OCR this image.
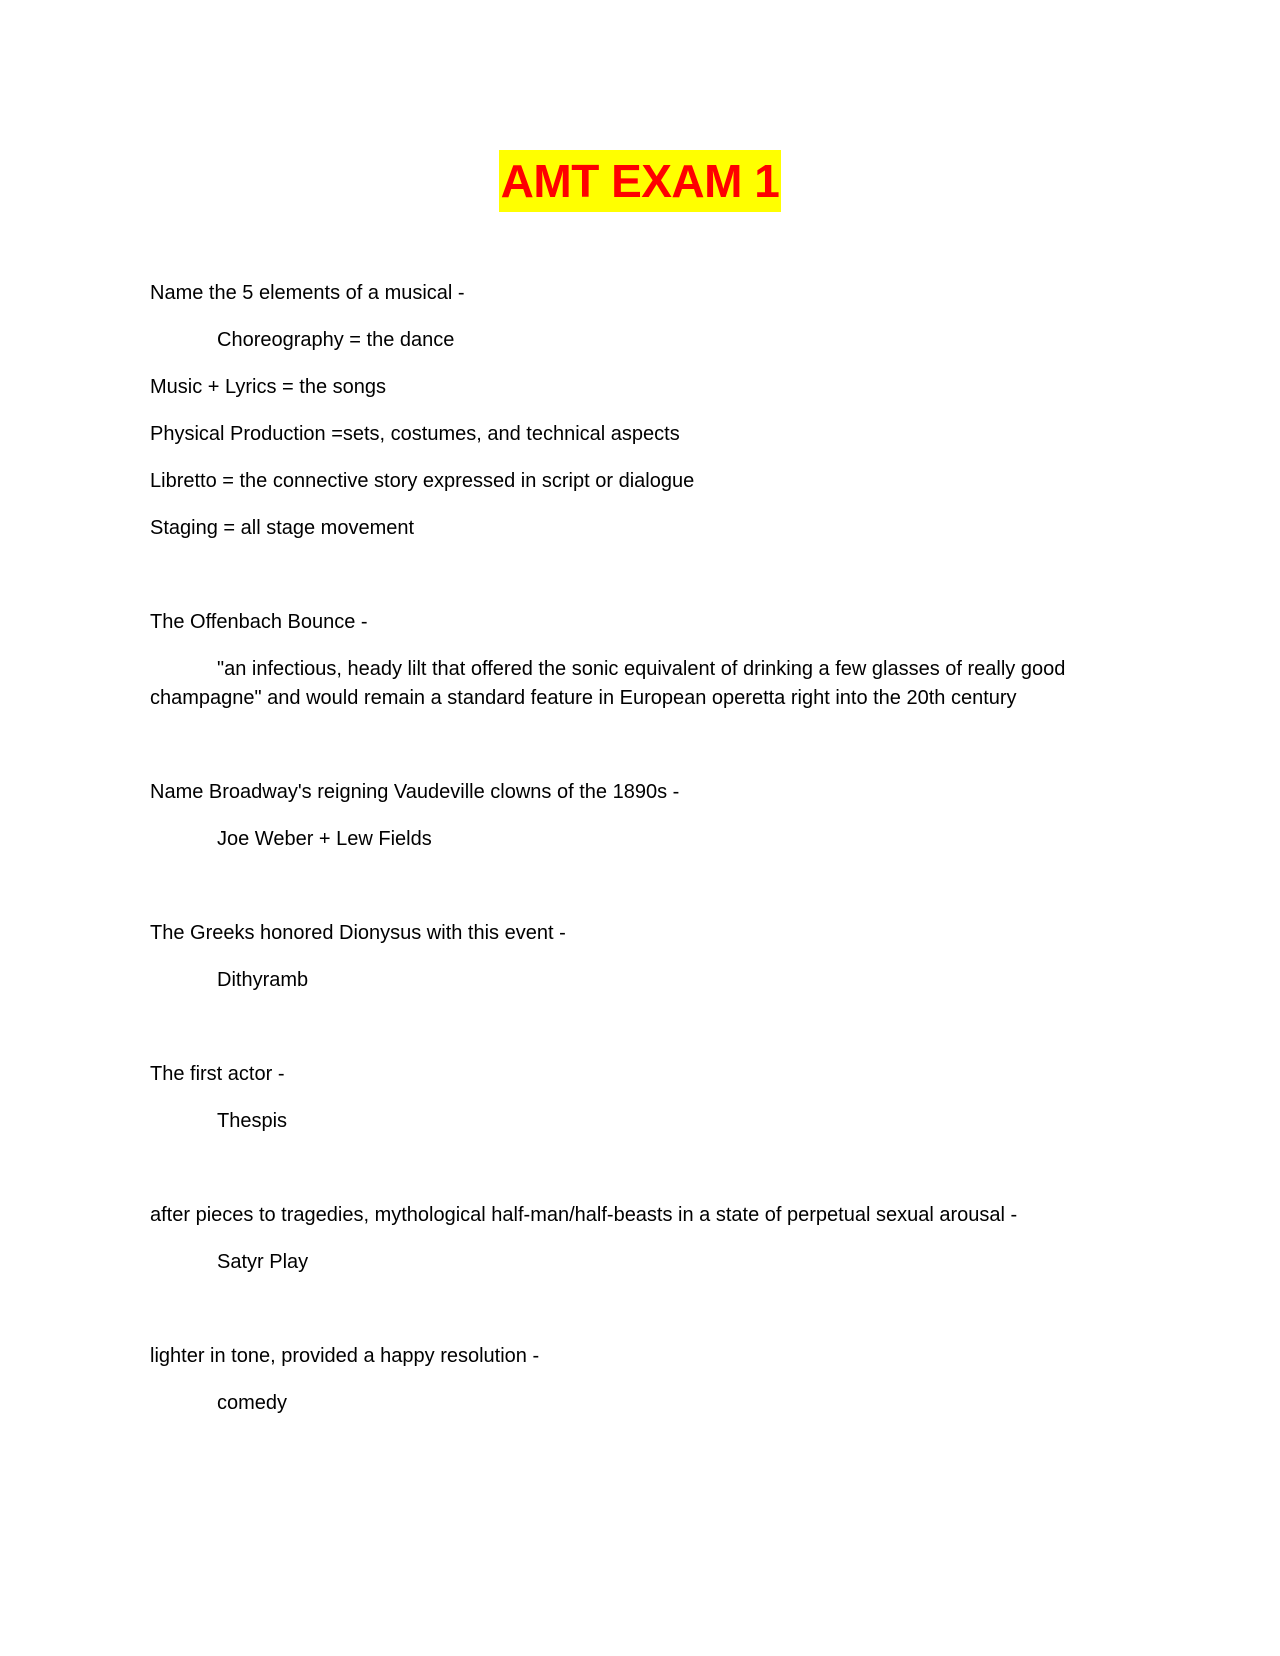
AMT EXAM 1
Name the 5 elements of a musical -
Choreography = the dance
Music + Lyrics = the songs
Physical Production =sets, costumes, and technical aspects
Libretto = the connective story expressed in script or dialogue
Staging = all stage movement
The Offenbach Bounce -
"an infectious, heady lilt that offered the sonic equivalent of drinking a few glasses of really good champagne" and would remain a standard feature in European operetta right into the 20th century
Name Broadway's reigning Vaudeville clowns of the 1890s -
Joe Weber + Lew Fields
The Greeks honored Dionysus with this event -
Dithyramb
The first actor -
Thespis
after pieces to tragedies, mythological half-man/half-beasts in a state of perpetual sexual arousal -
Satyr Play
lighter in tone, provided a happy resolution -
comedy
